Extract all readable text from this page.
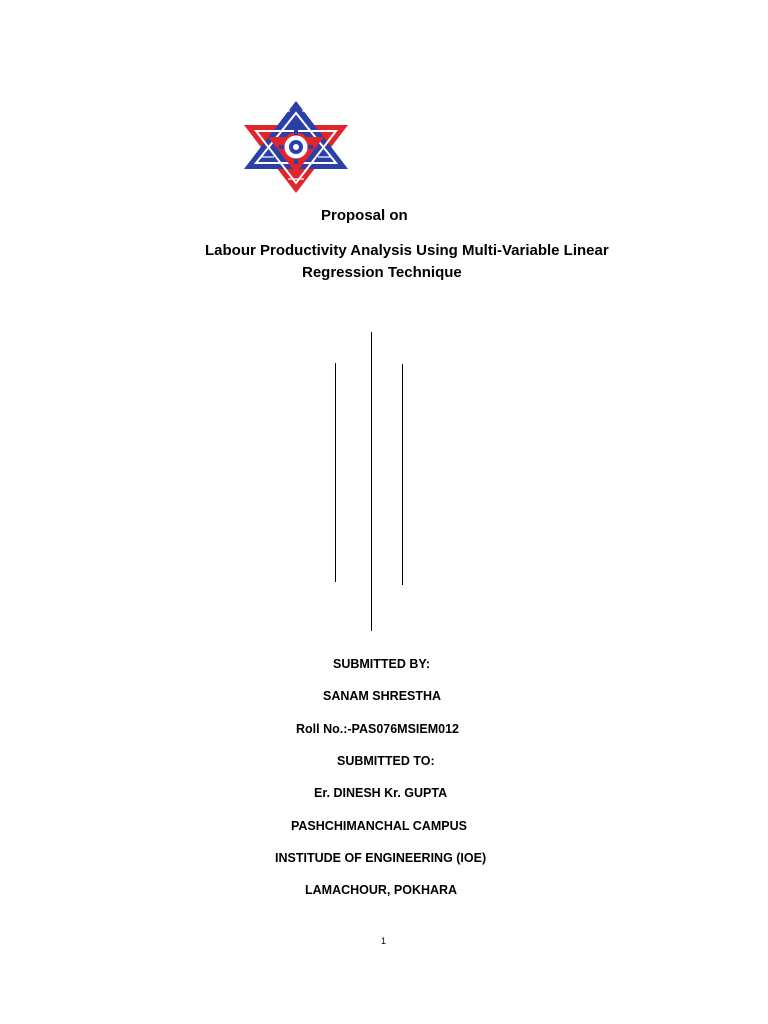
Proposal on
Labour Productivity Analysis Using Multi-Variable Linear
Regression Technique
SUBMITTED BY:
SANAM SHRESTHA
Roll No.:-PAS076MSIEM012
SUBMITTED TO:
Er. DINESH Kr. GUPTA
PASHCHIMANCHAL CAMPUS
INSTITUDE OF ENGINEERING (IOE)
LAMACHOUR, POKHARA
1
